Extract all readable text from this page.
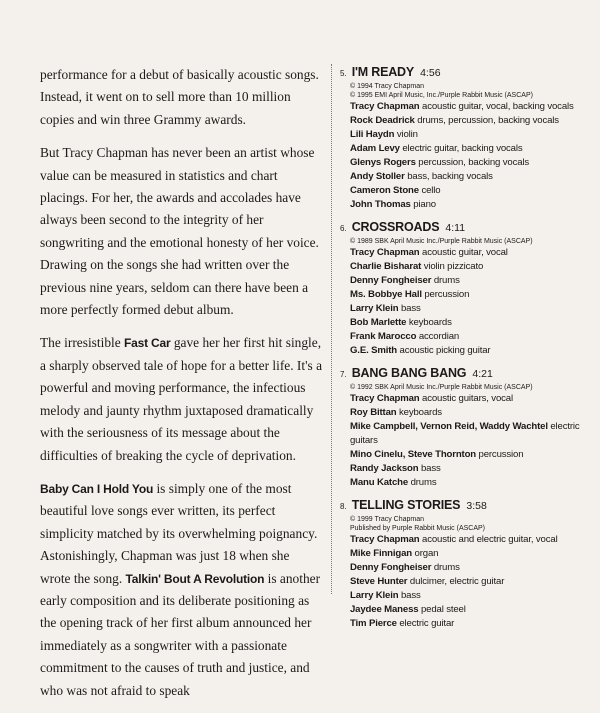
performance for a debut of basically acoustic songs. Instead, it went on to sell more than 10 million copies and win three Grammy awards.

But Tracy Chapman has never been an artist whose value can be measured in statistics and chart placings. For her, the awards and accolades have always been second to the integrity of her songwriting and the emotional honesty of her voice. Drawing on the songs she had written over the previous nine years, seldom can there have been a more perfectly formed debut album.

The irresistible Fast Car gave her her first hit single, a sharply observed tale of hope for a better life. It's a powerful and moving performance, the infectious melody and jaunty rhythm juxtaposed dramatically with the seriousness of its message about the difficulties of breaking the cycle of deprivation.

Baby Can I Hold You is simply one of the most beautiful love songs ever written, its perfect simplicity matched by its overwhelming poignancy. Astonishingly, Chapman was just 18 when she wrote the song. Talkin' Bout A Revolution is another early composition and its deliberate positioning as the opening track of her first album announced her immediately as a songwriter with a passionate commitment to the causes of truth and justice, and who was not afraid to speak

5. I'M READY 4:56
© 1994 Tracy Chapman
© 1995 EMI April Music, Inc./Purple Rabbit Music (ASCAP)
Tracy Chapman acoustic guitar, vocal, backing vocals
Rock Deadrick drums, percussion, backing vocals
Lili Haydn violin
Adam Levy electric guitar, backing vocals
Glenys Rogers percussion, backing vocals
Andy Stoller bass, backing vocals
Cameron Stone cello
John Thomas piano
6. CROSSROADS 4:11
© 1989 SBK April Music Inc./Purple Rabbit Music (ASCAP)
Tracy Chapman acoustic guitar, vocal
Charlie Bisharat violin pizzicato
Denny Fongheiser drums
Ms. Bobbye Hall percussion
Larry Klein bass
Bob Marlette keyboards
Frank Marocco accordian
G.E. Smith acoustic picking guitar
7. BANG BANG BANG 4:21
© 1992 SBK April Music Inc./Purple Rabbit Music (ASCAP)
Tracy Chapman acoustic guitars, vocal
Roy Bittan keyboards
Mike Campbell, Vernon Reid, Waddy Wachtel electric guitars
Mino Cinelu, Steve Thornton percussion
Randy Jackson bass
Manu Katche drums
8. TELLING STORIES 3:58
© 1999 Tracy Chapman
Published by Purple Rabbit Music (ASCAP)
Tracy Chapman acoustic and electric guitar, vocal
Mike Finnigan organ
Denny Fongheiser drums
Steve Hunter dulcimer, electric guitar
Larry Klein bass
Jaydee Maness pedal steel
Tim Pierce electric guitar
